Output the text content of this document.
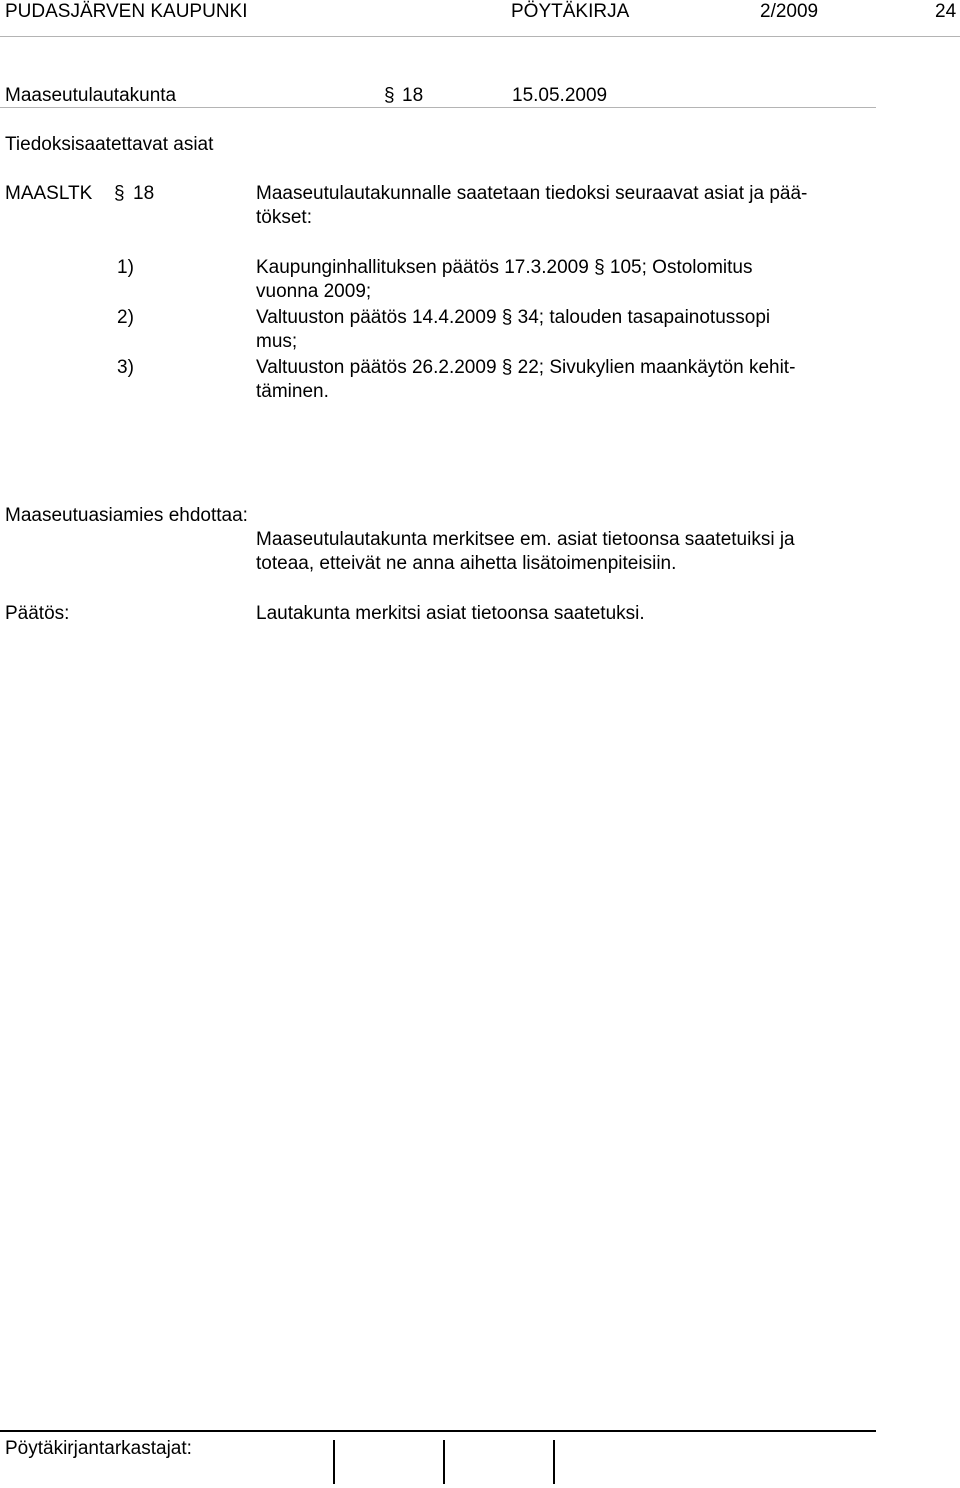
PUDASJÄRVEN KAUPUNKI	PÖYTÄKIRJA	2/2009	24
Maaseutulautakunta	§ 18	15.05.2009
Tiedoksisaatettavat asiat
MAASLTK § 18	Maaseutulautakunnalle saatetaan tiedoksi seuraavat asiat ja pää-
tökset:
1)	Kaupunginhallituksen päätös 17.3.2009 § 105; Ostolomitus
vuonna 2009;
2)	Valtuuston päätös 14.4.2009 § 34; talouden tasapainotussopi
mus;
3)	Valtuuston päätös 26.2.2009 § 22; Sivukylien maankäytön kehit-
täminen.
Maaseutuasiamies ehdottaa:
Maaseutulautakunta merkitsee em. asiat tietoonsa saatetuiksi ja
toteaa, etteivät ne anna aihetta lisätoimenpiteisiin.
Päätös:	Lautakunta merkitsi asiat tietoonsa saatetuksi.
Pöytäkirjantarkastajat:
